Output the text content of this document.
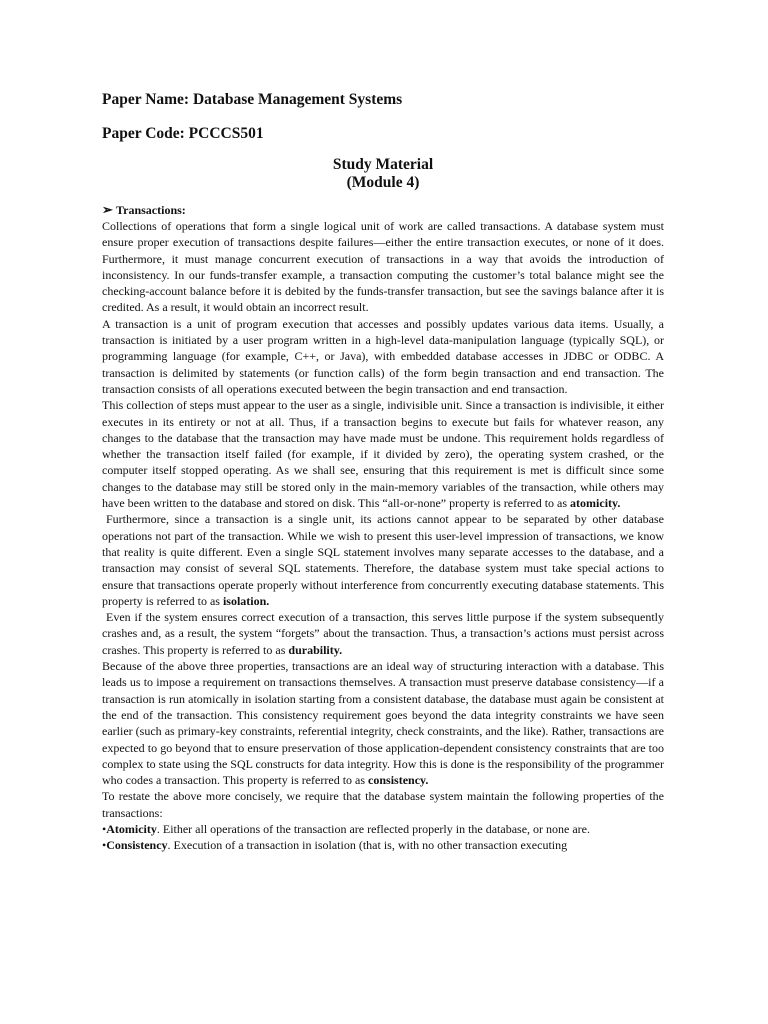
Paper Name: Database Management Systems
Paper Code: PCCCS501
Study Material
(Module 4)
➢ Transactions:

Collections of operations that form a single logical unit of work are called transactions. A database system must ensure proper execution of transactions despite failures—either the entire transaction executes, or none of it does. Furthermore, it must manage concurrent execution of transactions in a way that avoids the introduction of inconsistency. In our funds-transfer example, a transaction computing the customer’s total balance might see the checking-account balance before it is debited by the funds-transfer transaction, but see the savings balance after it is credited. As a result, it would obtain an incorrect result.

A transaction is a unit of program execution that accesses and possibly updates various data items. Usually, a transaction is initiated by a user program written in a high-level data-manipulation language (typically SQL), or programming language (for example, C++, or Java), with embedded database accesses in JDBC or ODBC. A transaction is delimited by statements (or function calls) of the form begin transaction and end transaction. The transaction consists of all operations executed between the begin transaction and end transaction.

This collection of steps must appear to the user as a single, indivisible unit. Since a transaction is indivisible, it either executes in its entirety or not at all. Thus, if a transaction begins to execute but fails for whatever reason, any changes to the database that the transaction may have made must be undone. This requirement holds regardless of whether the transaction itself failed (for example, if it divided by zero), the operating system crashed, or the computer itself stopped operating. As we shall see, ensuring that this requirement is met is difficult since some changes to the database may still be stored only in the main-memory variables of the transaction, while others may have been written to the database and stored on disk. This “all-or-none” property is referred to as atomicity.

Furthermore, since a transaction is a single unit, its actions cannot appear to be separated by other database operations not part of the transaction. While we wish to present this user-level impression of transactions, we know that reality is quite different. Even a single SQL statement involves many separate accesses to the database, and a transaction may consist of several SQL statements. Therefore, the database system must take special actions to ensure that transactions operate properly without interference from concurrently executing database statements. This property is referred to as isolation.

Even if the system ensures correct execution of a transaction, this serves little purpose if the system subsequently crashes and, as a result, the system “forgets” about the transaction. Thus, a transaction’s actions must persist across crashes. This property is referred to as durability.

Because of the above three properties, transactions are an ideal way of structuring interaction with a database. This leads us to impose a requirement on transactions themselves. A transaction must preserve database consistency—if a transaction is run atomically in isolation starting from a consistent database, the database must again be consistent at the end of the transaction. This consistency requirement goes beyond the data integrity constraints we have seen earlier (such as primary-key constraints, referential integrity, check constraints, and the like). Rather, transactions are expected to go beyond that to ensure preservation of those application-dependent consistency constraints that are too complex to state using the SQL constructs for data integrity. How this is done is the responsibility of the programmer who codes a transaction. This property is referred to as consistency.

To restate the above more concisely, we require that the database system maintain the following properties of the transactions:

•Atomicity. Either all operations of the transaction are reflected properly in the database, or none are.
•Consistency. Execution of a transaction in isolation (that is, with no other transaction executing
